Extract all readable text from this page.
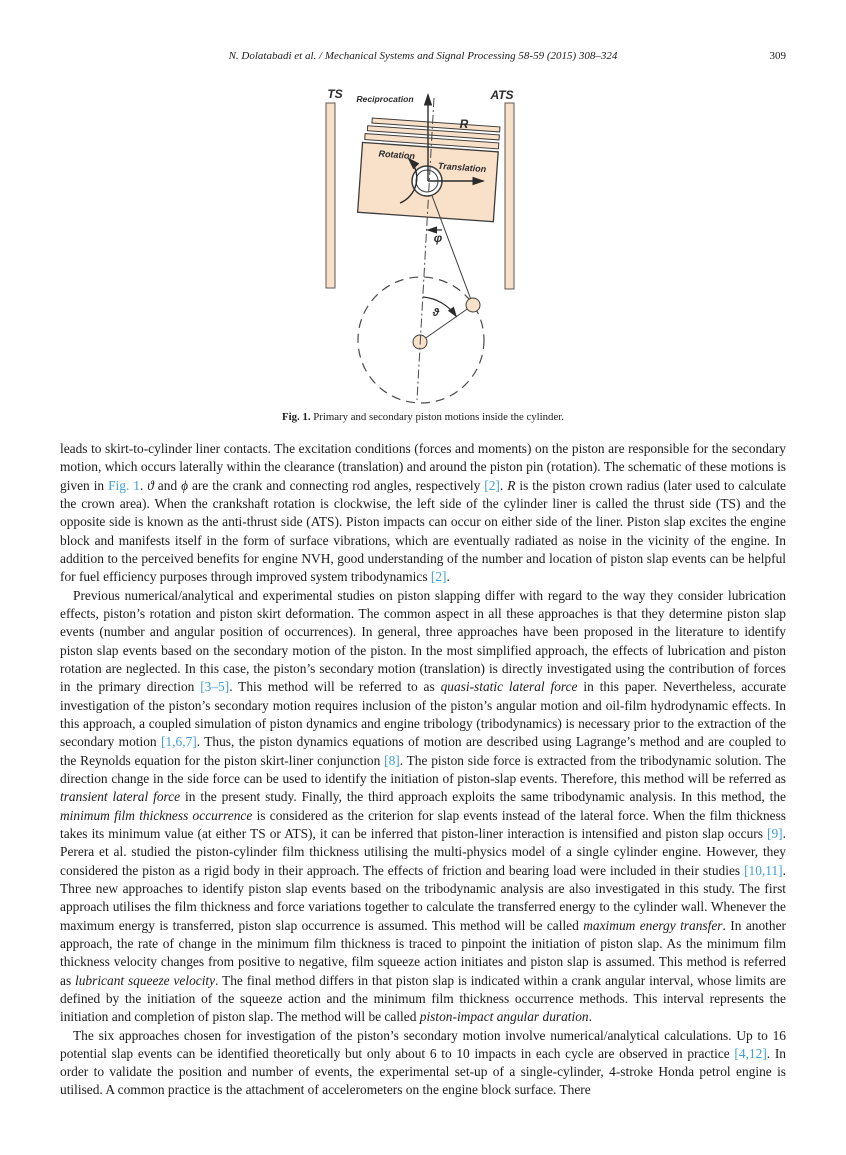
N. Dolatabadi et al. / Mechanical Systems and Signal Processing 58-59 (2015) 308–324	309
Rotation
Translation
TS	ATS
Reciprocation
R
φ
ϑ
Fig. 1. Primary and secondary piston motions inside the cylinder.

leads to skirt-to-cylinder liner contacts. The excitation conditions (forces and moments) on the piston are responsible for the secondary motion, which occurs laterally within the clearance (translation) and around the piston pin (rotation). The schematic of these motions is given in Fig. 1. ϑ and ϕ are the crank and connecting rod angles, respectively [2]. R is the piston crown radius (later used to calculate the crown area). When the crankshaft rotation is clockwise, the left side of the cylinder liner is called the thrust side (TS) and the opposite side is known as the anti-thrust side (ATS). Piston impacts can occur on either side of the liner. Piston slap excites the engine block and manifests itself in the form of surface vibrations, which are eventually radiated as noise in the vicinity of the engine. In addition to the perceived benefits for engine NVH, good understanding of the number and location of piston slap events can be helpful for fuel efficiency purposes through improved system tribodynamics [2].

Previous numerical/analytical and experimental studies on piston slapping differ with regard to the way they consider lubrication effects, piston’s rotation and piston skirt deformation. The common aspect in all these approaches is that they determine piston slap events (number and angular position of occurrences). In general, three approaches have been proposed in the literature to identify piston slap events based on the secondary motion of the piston. In the most simplified approach, the effects of lubrication and piston rotation are neglected. In this case, the piston’s secondary motion (translation) is directly investigated using the contribution of forces in the primary direction [3–5]. This method will be referred to as quasi-static lateral force in this paper. Nevertheless, accurate investigation of the piston’s secondary motion requires inclusion of the piston’s angular motion and oil-film hydrodynamic effects. In this approach, a coupled simulation of piston dynamics and engine tribology (tribodynamics) is necessary prior to the extraction of the secondary motion [1,6,7]. Thus, the piston dynamics equations of motion are described using Lagrange’s method and are coupled to the Reynolds equation for the piston skirt-liner conjunction [8]. The piston side force is extracted from the tribodynamic solution. The direction change in the side force can be used to identify the initiation of piston-slap events. Therefore, this method will be referred as transient lateral force in the present study. Finally, the third approach exploits the same tribodynamic analysis. In this method, the minimum film thickness occurrence is considered as the criterion for slap events instead of the lateral force. When the film thickness takes its minimum value (at either TS or ATS), it can be inferred that piston-liner interaction is intensified and piston slap occurs [9]. Perera et al. studied the piston-cylinder film thickness utilising the multi-physics model of a single cylinder engine. However, they considered the piston as a rigid body in their approach. The effects of friction and bearing load were included in their studies [10,11]. Three new approaches to identify piston slap events based on the tribodynamic analysis are also investigated in this study. The first approach utilises the film thickness and force variations together to calculate the transferred energy to the cylinder wall. Whenever the maximum energy is transferred, piston slap occurrence is assumed. This method will be called maximum energy transfer. In another approach, the rate of change in the minimum film thickness is traced to pinpoint the initiation of piston slap. As the minimum film thickness velocity changes from positive to negative, film squeeze action initiates and piston slap is assumed. This method is referred as lubricant squeeze velocity. The final method differs in that piston slap is indicated within a crank angular interval, whose limits are defined by the initiation of the squeeze action and the minimum film thickness occurrence methods. This interval represents the initiation and completion of piston slap. The method will be called piston-impact angular duration.

The six approaches chosen for investigation of the piston’s secondary motion involve numerical/analytical calculations. Up to 16 potential slap events can be identified theoretically but only about 6 to 10 impacts in each cycle are observed in practice [4,12]. In order to validate the position and number of events, the experimental set-up of a single-cylinder, 4-stroke Honda petrol engine is utilised. A common practice is the attachment of accelerometers on the engine block surface. There
